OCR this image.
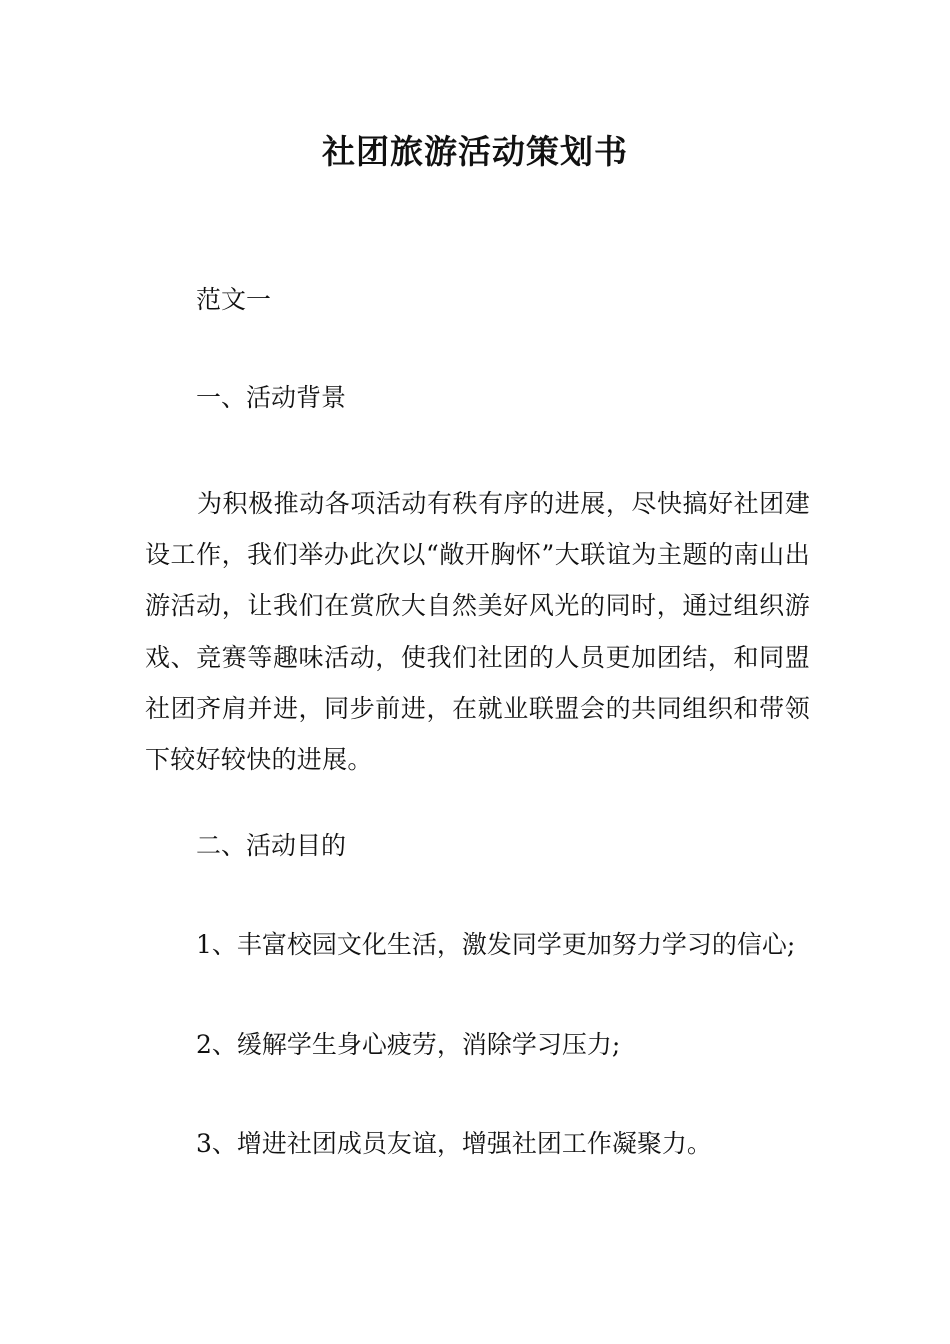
社团旅游活动策划书
范文一
一、活动背景
为积极推动各项活动有秩有序的进展，尽快搞好社团建设工作，我们举办此次以“敞开胸怀”大联谊为主题的南山出游活动，让我们在赏欣大自然美好风光的同时，通过组织游戏、竞赛等趣味活动，使我们社团的人员更加团结，和同盟社团齐肩并进，同步前进，在就业联盟会的共同组织和带领下较好较快的进展。
二、活动目的
1、丰富校园文化生活，激发同学更加努力学习的信心;
2、缓解学生身心疲劳，消除学习压力;
3、增进社团成员友谊，增强社团工作凝聚力。
